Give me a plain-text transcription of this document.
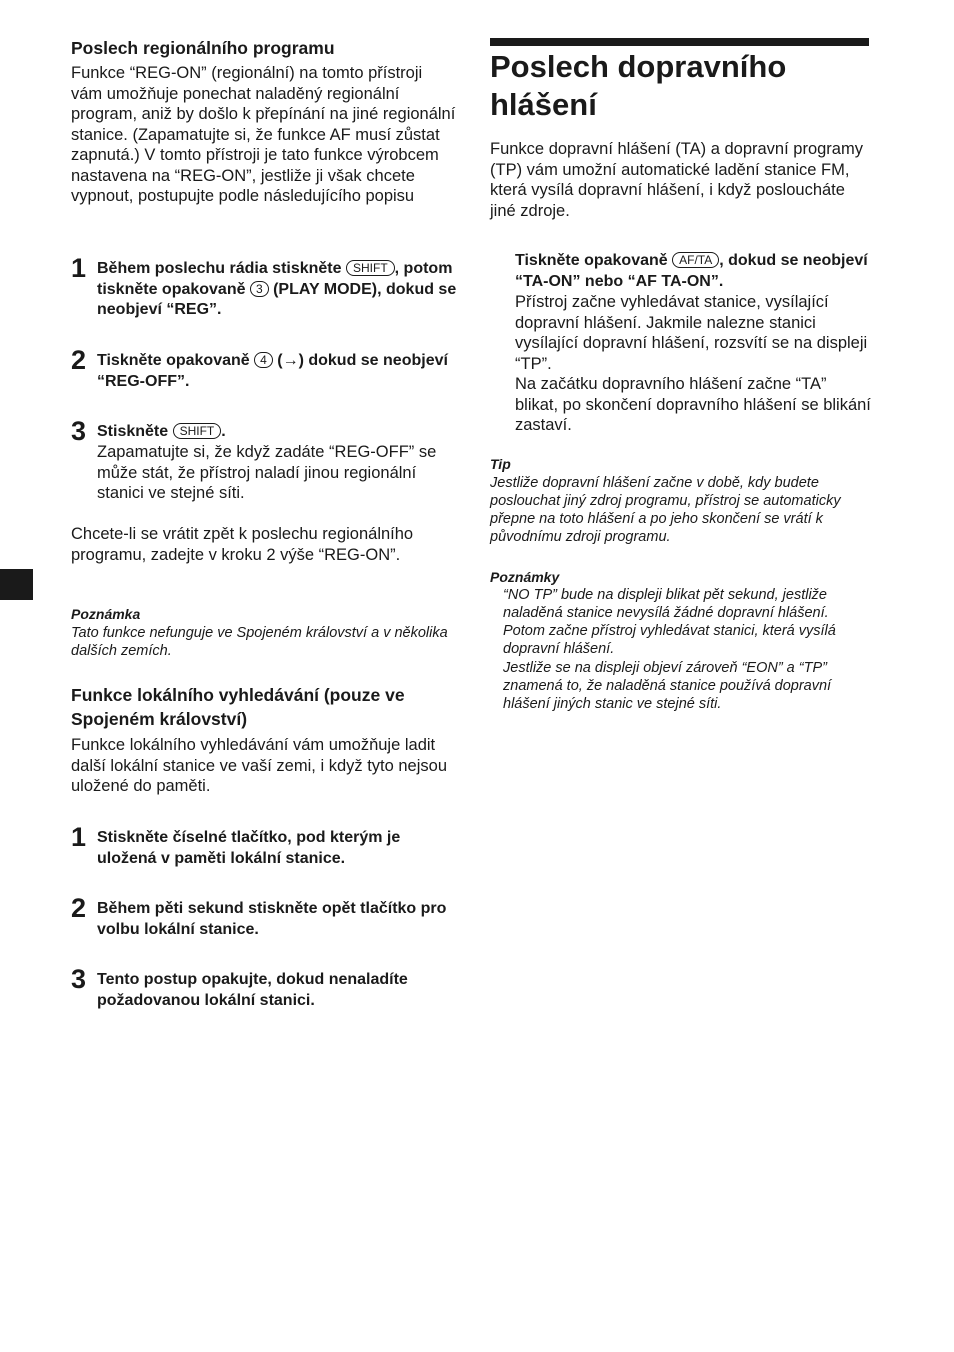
Poslech regionálního programu

Funkce “REG-ON” (regionální) na tomto přístroji vám umožňuje ponechat naladěný regionální program, aniž by došlo k přepínání na jiné regionální stanice. (Zapamatujte si, že funkce AF musí zůstat zapnutá.) V tomto přístroji je tato funkce výrobcem nastavena na “REG-ON”, jestliže ji však chcete vypnout, postupujte podle následujícího popisu

1 Během poslechu rádia stiskněte SHIFT , potom tiskněte opakovaně 3 (PLAY MODE), dokud se neobjeví “REG”.
2 Tiskněte opakovaně 4 (→) dokud se neobjeví “REG-OFF”.
3 Stiskněte SHIFT .
Zapamatujte si, že když zadáte “REG-OFF” se může stát, že přístroj naladí jinou regionální stanici ve stejné síti.

Chcete-li se vrátit zpět k poslechu regionálního programu, zadejte v kroku 2 výše “REG-ON”.

Poznámka

Tato funkce nefunguje ve Spojeném království a v několika dalších zemích.

Funkce lokálního vyhledávání (pouze ve Spojeném království)

Funkce lokálního vyhledávání vám umožňuje ladit další lokální stanice ve vaší zemi, i když tyto nejsou uložené do paměti.

1 Stiskněte číselné tlačítko, pod kterým je uložená v paměti lokální stanice.
2 Během pěti sekund stiskněte opět tlačítko pro volbu lokální stanice.
3 Tento postup opakujte, dokud nenaladíte požadovanou lokální stanici.
Poslech dopravního hlášení

Funkce dopravní hlášení (TA) a dopravní programy (TP) vám umožní automatické ladění stanice FM, která vysílá dopravní hlášení, i když posloucháte jiné zdroje.

Tiskněte opakovaně AF/TA , dokud se neobjeví “TA-ON” nebo “AF TA-ON”.
Přístroj začne vyhledávat stanice, vysílající dopravní hlášení. Jakmile nalezne stanici vysílající dopravní hlášení, rozsvítí se na displeji “TP”.
Na začátku dopravního hlášení začne “TA” blikat, po skončení dopravního hlášení se blikání zastaví.

Tip

Jestliže dopravní hlášení začne v době, kdy budete poslouchat jiný zdroj programu, přístroj se automaticky přepne na toto hlášení a po jeho skončení se vrátí k původnímu zdroji programu.

Poznámky

“NO TP” bude na displeji blikat pět sekund, jestliže naladěná stanice nevysílá žádné dopravní hlášení. Potom začne přístroj vyhledávat stanici, která vysílá dopravní hlášení.

Jestliže se na displeji objeví zároveň “EON” a “TP” znamená to, že naladěná stanice používá dopravní hlášení jiných stanic ve stejné síti.
